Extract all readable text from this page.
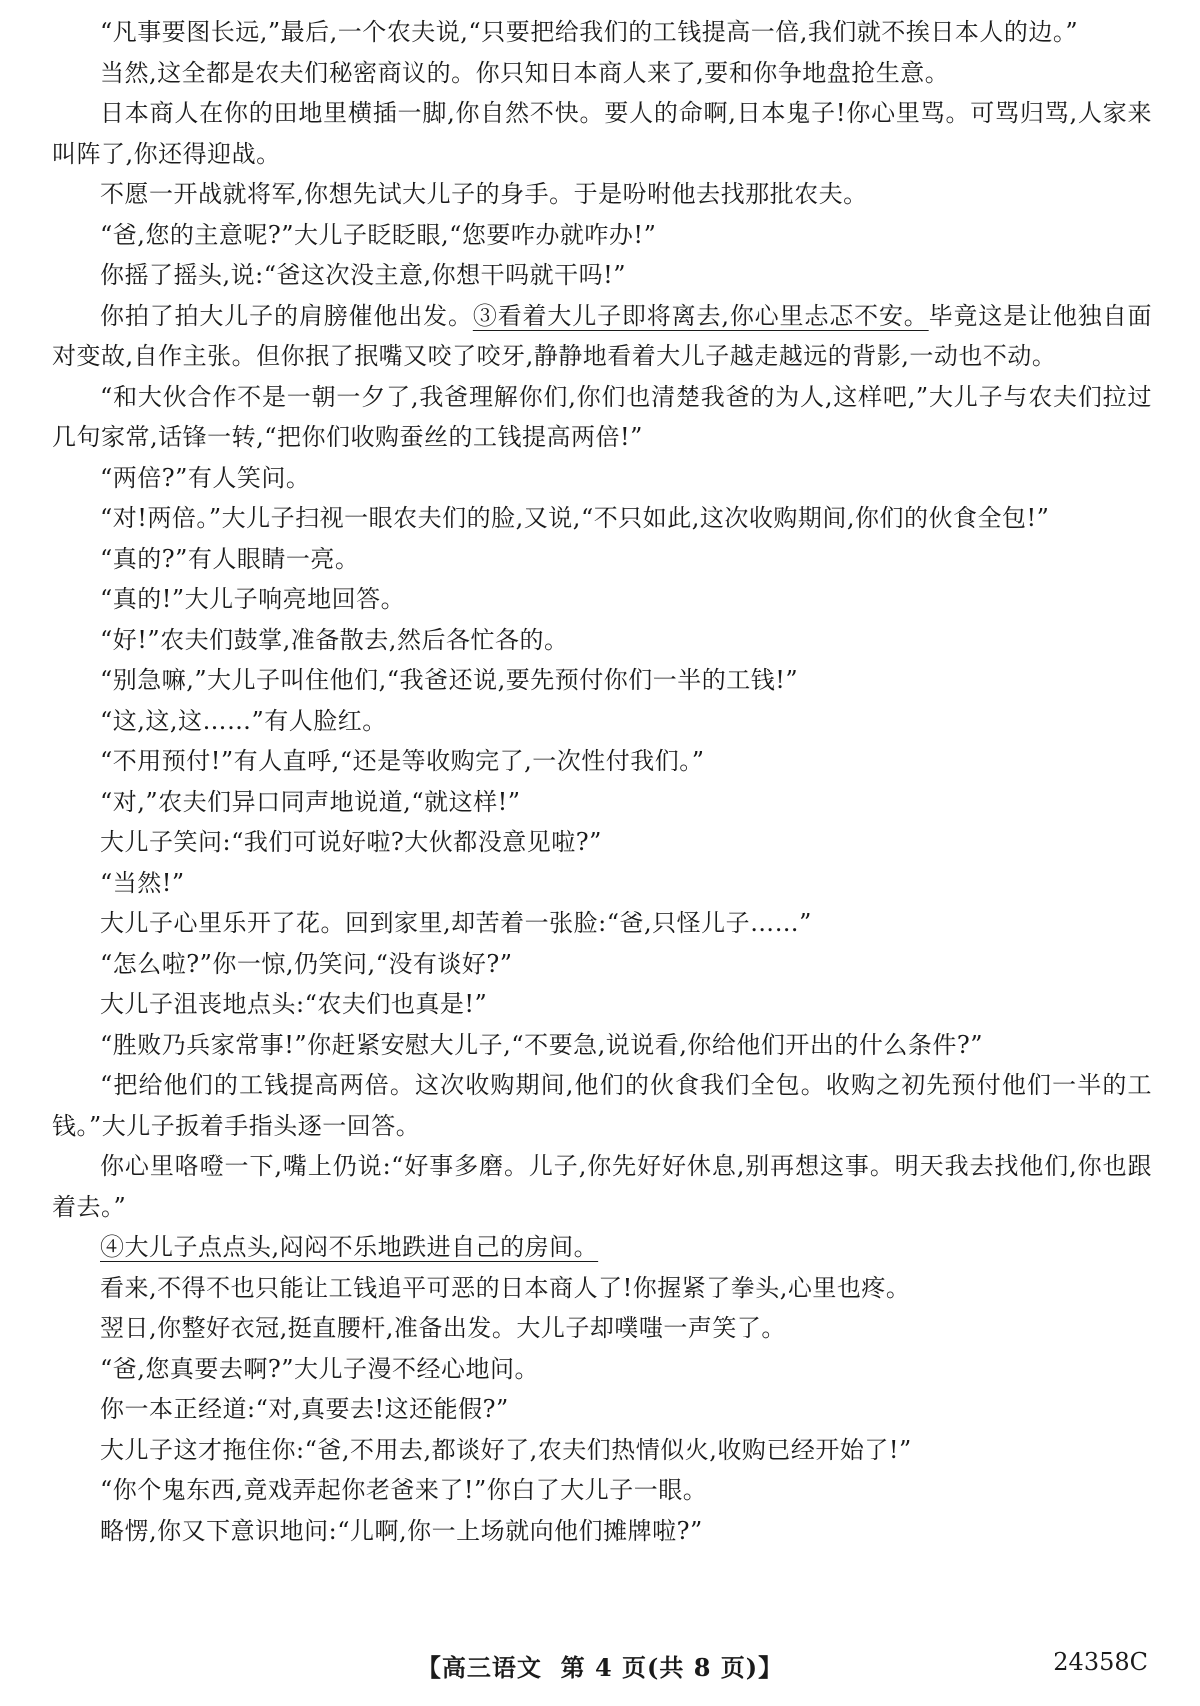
“凡事要图长远,”最后,一个农夫说,“只要把给我们的工钱提高一倍,我们就不挨日本人的边。”

当然,这全都是农夫们秘密商议的。你只知日本商人来了,要和你争地盘抢生意。

日本商人在你的田地里横插一脚,你自然不快。要人的命啊,日本鬼子!你心里骂。可骂归骂,人家来叫阵了,你还得迎战。

不愿一开战就将军,你想先试大儿子的身手。于是吩咐他去找那批农夫。

“爸,您的主意呢?”大儿子眨眨眼,“您要咋办就咋办!”

你摇了摇头,说:“爸这次没主意,你想干吗就干吗!”

你拍了拍大儿子的肩膀催他出发。③看着大儿子即将离去,你心里忐忑不安。毕竟这是让他独自面对变故,自作主张。但你抿了抿嘴又咬了咬牙,静静地看着大儿子越走越远的背影,一动也不动。

“和大伙合作不是一朝一夕了,我爸理解你们,你们也清楚我爸的为人,这样吧,”大儿子与农夫们拉过几句家常,话锋一转,“把你们收购蚕丝的工钱提高两倍!”

“两倍?”有人笑问。

“对!两倍。”大儿子扫视一眼农夫们的脸,又说,“不只如此,这次收购期间,你们的伙食全包!”

“真的?”有人眼睛一亮。

“真的!”大儿子响亮地回答。

“好!”农夫们鼓掌,准备散去,然后各忙各的。

“别急嘛,”大儿子叫住他们,“我爸还说,要先预付你们一半的工钱!”

“这,这,这……”有人脸红。

“不用预付!”有人直呼,“还是等收购完了,一次性付我们。”

“对,”农夫们异口同声地说道,“就这样!”

大儿子笑问:“我们可说好啦?大伙都没意见啦?”

“当然!”

大儿子心里乐开了花。回到家里,却苦着一张脸:“爸,只怪儿子……”

“怎么啦?”你一惊,仍笑问,“没有谈好?”

大儿子沮丧地点头:“农夫们也真是!”

“胜败乃兵家常事!”你赶紧安慰大儿子,“不要急,说说看,你给他们开出的什么条件?”

“把给他们的工钱提高两倍。这次收购期间,他们的伙食我们全包。收购之初先预付他们一半的工钱。”大儿子扳着手指头逐一回答。

你心里咯噔一下,嘴上仍说:“好事多磨。儿子,你先好好休息,别再想这事。明天我去找他们,你也跟着去。”

④大儿子点点头,闷闷不乐地跌进自己的房间。

看来,不得不也只能让工钱追平可恶的日本商人了!你握紧了拳头,心里也疼。

翌日,你整好衣冠,挺直腰杆,准备出发。大儿子却噗嗤一声笑了。

“爸,您真要去啊?”大儿子漫不经心地问。

你一本正经道:“对,真要去!这还能假?”

大儿子这才拖住你:“爸,不用去,都谈好了,农夫们热情似火,收购已经开始了!”

“你个鬼东西,竟戏弄起你老爸来了!”你白了大儿子一眼。

略愣,你又下意识地问:“儿啊,你一上场就向他们摊牌啦?”

【高三语文 第 4 页(共 8 页)】	24358C
